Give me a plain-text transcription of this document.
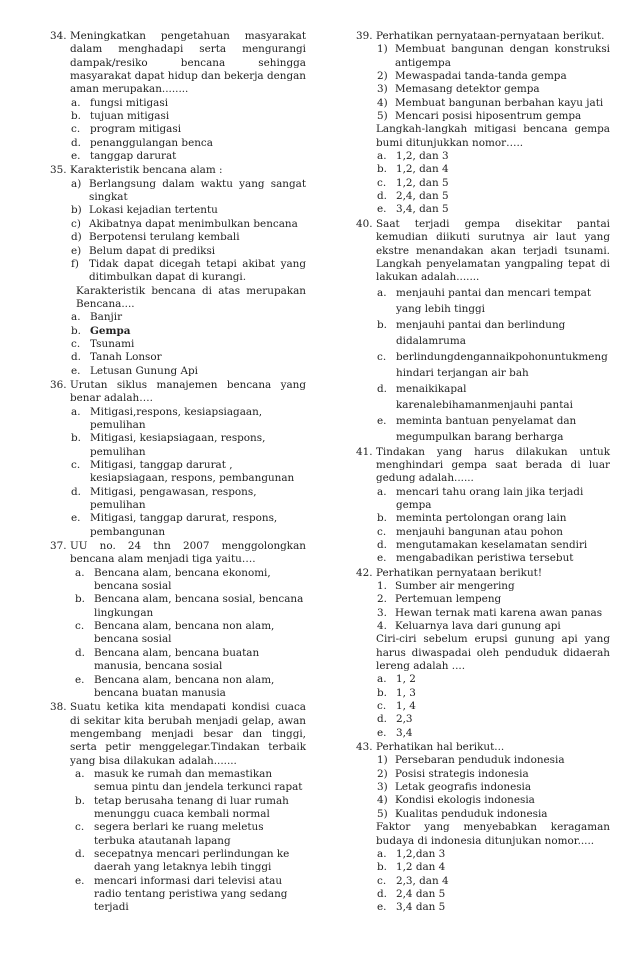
34. Meningkatkan pengetahuan masyarakat dalam menghadapi serta mengurangi dampak/resiko bencana sehingga masyarakat dapat hidup dan bekerja dengan aman merupakan........
a. fungsi mitigasi
b. tujuan mitigasi
c. program mitigasi
d. penanggulangan benca
e. tanggap darurat
35. Karakteristik bencana alam :
a) Berlangsung dalam waktu yang sangat singkat
b) Lokasi kejadian tertentu
c) Akibatnya dapat menimbulkan bencana
d) Berpotensi terulang kembali
e) Belum dapat di prediksi
f) Tidak dapat dicegah tetapi akibat yang ditimbulkan dapat di kurangi.
Karakteristik bencana di atas merupakan Bencana....
a. Banjir
b. Gempa
c. Tsunami
d. Tanah Lonsor
e. Letusan Gunung Api
36. Urutan siklus manajemen bencana yang benar adalah….
a. Mitigasi,respons, kesiapsiagaan, pemulihan
b. Mitigasi, kesiapsiagaan, respons, pemulihan
c. Mitigasi, tanggap darurat , kesiapsiagaan, respons, pembangunan
d. Mitigasi, pengawasan, respons, pemulihan
e. Mitigasi, tanggap darurat, respons, pembangunan
37. UU no. 24 thn 2007 menggolongkan bencana alam menjadi tiga yaitu….
a. Bencana alam, bencana ekonomi, bencana sosial
b. Bencana alam, bencana sosial, bencana lingkungan
c. Bencana alam, bencana non alam, bencana sosial
d. Bencana alam, bencana buatan manusia, bencana sosial
e. Bencana alam, bencana non alam, bencana buatan manusia
38. Suatu ketika kita mendapati kondisi cuaca di sekitar kita berubah menjadi gelap, awan mengembang menjadi besar dan tinggi, serta petir menggelegar.Tindakan terbaik yang bisa dilakukan adalah.......
a. masuk ke rumah dan memastikan semua pintu dan jendela terkunci rapat
b. tetap berusaha tenang di luar rumah menunggu cuaca kembali normal
c. segera berlari ke ruang meletus terbuka atautanah lapang
d. secepatnya mencari perlindungan ke daerah yang letaknya lebih tinggi
e. mencari informasi dari televisi atau radio tentang peristiwa yang sedang terjadi
39. Perhatikan pernyataan-pernyataan berikut.
1) Membuat bangunan dengan konstruksi antigempa
2) Mewaspadai tanda-tanda gempa
3) Memasang detektor gempa
4) Membuat bangunan berbahan kayu jati
5) Mencari posisi hiposentrum gempa
Langkah-langkah mitigasi bencana gempa bumi ditunjukkan nomor…..
a. 1,2, dan 3
b. 1,2, dan 4
c. 1,2, dan 5
d. 2,4, dan 5
e. 3,4, dan 5
40. Saat terjadi gempa disekitar pantai kemudian diikuti surutnya air laut yang ekstre menandakan akan terjadi tsunami. Langkah penyelamatan yangpaling tepat di lakukan adalah.......
a. menjauhi pantai dan mencari tempat yang lebih tinggi
b. menjauhi pantai dan berlindung didalamruma
c. berlindungdengannaikpohonuntukmeng hindari terjangan air bah
d. menaikikapal karenalebihamanmenjauhi pantai
e. meminta bantuan penyelamat dan megumpulkan barang berharga
41. Tindakan yang harus dilakukan untuk menghindari gempa saat berada di luar gedung adalah......
a. mencari tahu orang lain jika terjadi gempa
b. meminta pertolongan orang lain
c. menjauhi bangunan atau pohon
d. mengutamakan keselamatan sendiri
e. mengabadikan peristiwa tersebut
42. Perhatikan pernyataan berikut!
1. Sumber air mengering
2. Pertemuan lempeng
3. Hewan ternak mati karena awan panas
4. Keluarnya lava dari gunung api
Ciri-ciri sebelum erupsi gunung api yang harus diwaspadai oleh penduduk didaerah lereng adalah ....
a. 1, 2
b. 1, 3
c. 1, 4
d. 2,3
e. 3,4
43. Perhatikan hal berikut...
1) Persebaran penduduk indonesia
2) Posisi strategis indonesia
3) Letak geografis indonesia
4) Kondisi ekologis indonesia
5) Kualitas penduduk indonesia
Faktor yang menyebabkan keragaman budaya di indonesia ditunjukan nomor.....
a. 1,2,dan 3
b. 1,2 dan 4
c. 2,3, dan 4
d. 2,4 dan 5
e. 3,4 dan 5
